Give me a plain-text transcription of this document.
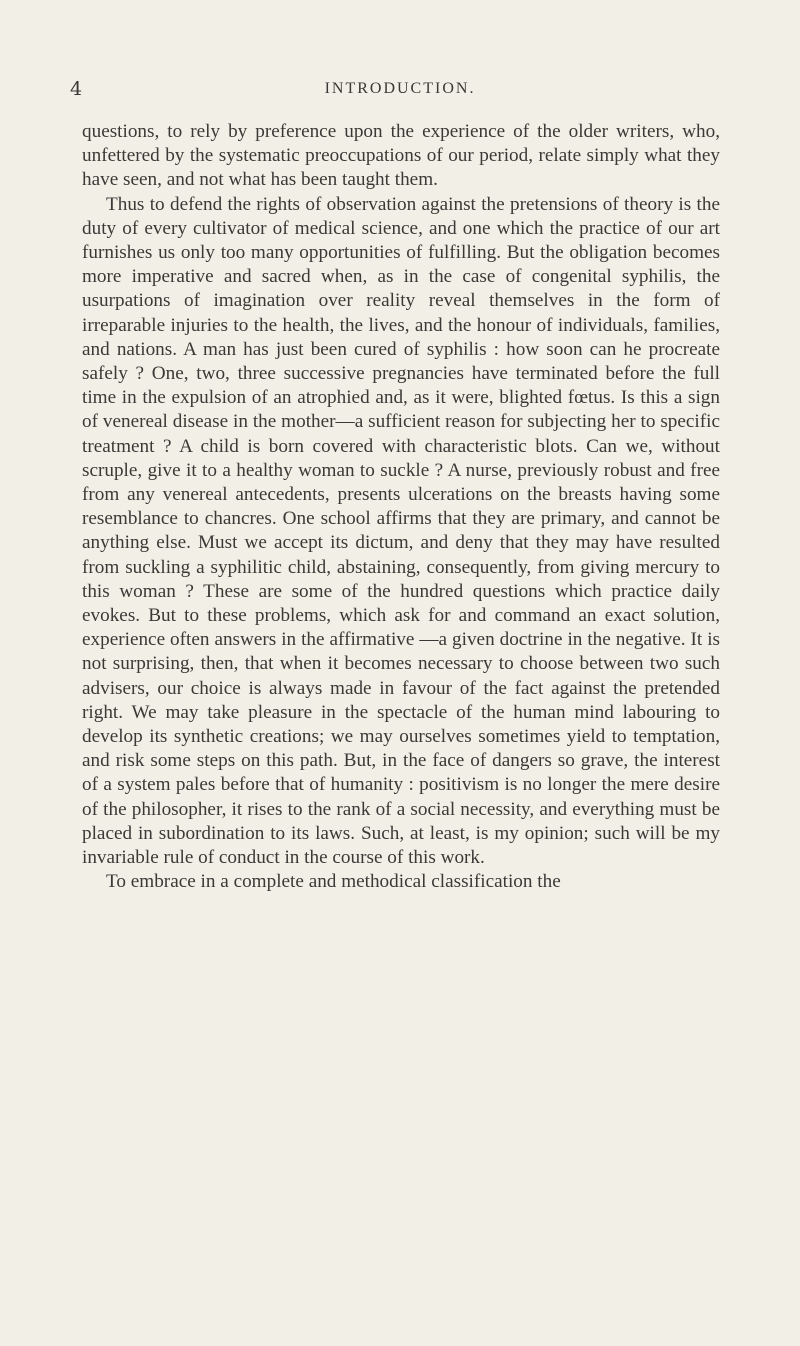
4	INTRODUCTION.

questions, to rely by preference upon the experience of the older writers, who, unfettered by the systematic preoccupations of our period, relate simply what they have seen, and not what has been taught them.

Thus to defend the rights of observation against the pretensions of theory is the duty of every cultivator of medical science, and one which the practice of our art furnishes us only too many opportunities of fulfilling. But the obligation becomes more imperative and sacred when, as in the case of congenital syphilis, the usurpations of imagination over reality reveal themselves in the form of irreparable injuries to the health, the lives, and the honour of individuals, families, and nations. A man has just been cured of syphilis : how soon can he procreate safely ? One, two, three successive pregnancies have terminated before the full time in the expulsion of an atrophied and, as it were, blighted fœtus. Is this a sign of venereal disease in the mother—a sufficient reason for subjecting her to specific treatment ? A child is born covered with characteristic blots. Can we, without scruple, give it to a healthy woman to suckle ? A nurse, previously robust and free from any venereal antecedents, presents ulcerations on the breasts having some resemblance to chancres. One school affirms that they are primary, and cannot be anything else. Must we accept its dictum, and deny that they may have resulted from suckling a syphilitic child, abstaining, consequently, from giving mercury to this woman ? These are some of the hundred questions which practice daily evokes. But to these problems, which ask for and command an exact solution, experience often answers in the affirmative —a given doctrine in the negative. It is not surprising, then, that when it becomes necessary to choose between two such advisers, our choice is always made in favour of the fact against the pretended right. We may take pleasure in the spectacle of the human mind labouring to develop its synthetic creations; we may ourselves sometimes yield to temptation, and risk some steps on this path. But, in the face of dangers so grave, the interest of a system pales before that of humanity : positivism is no longer the mere desire of the philosopher, it rises to the rank of a social necessity, and everything must be placed in subordination to its laws. Such, at least, is my opinion; such will be my invariable rule of conduct in the course of this work.

To embrace in a complete and methodical classification the
